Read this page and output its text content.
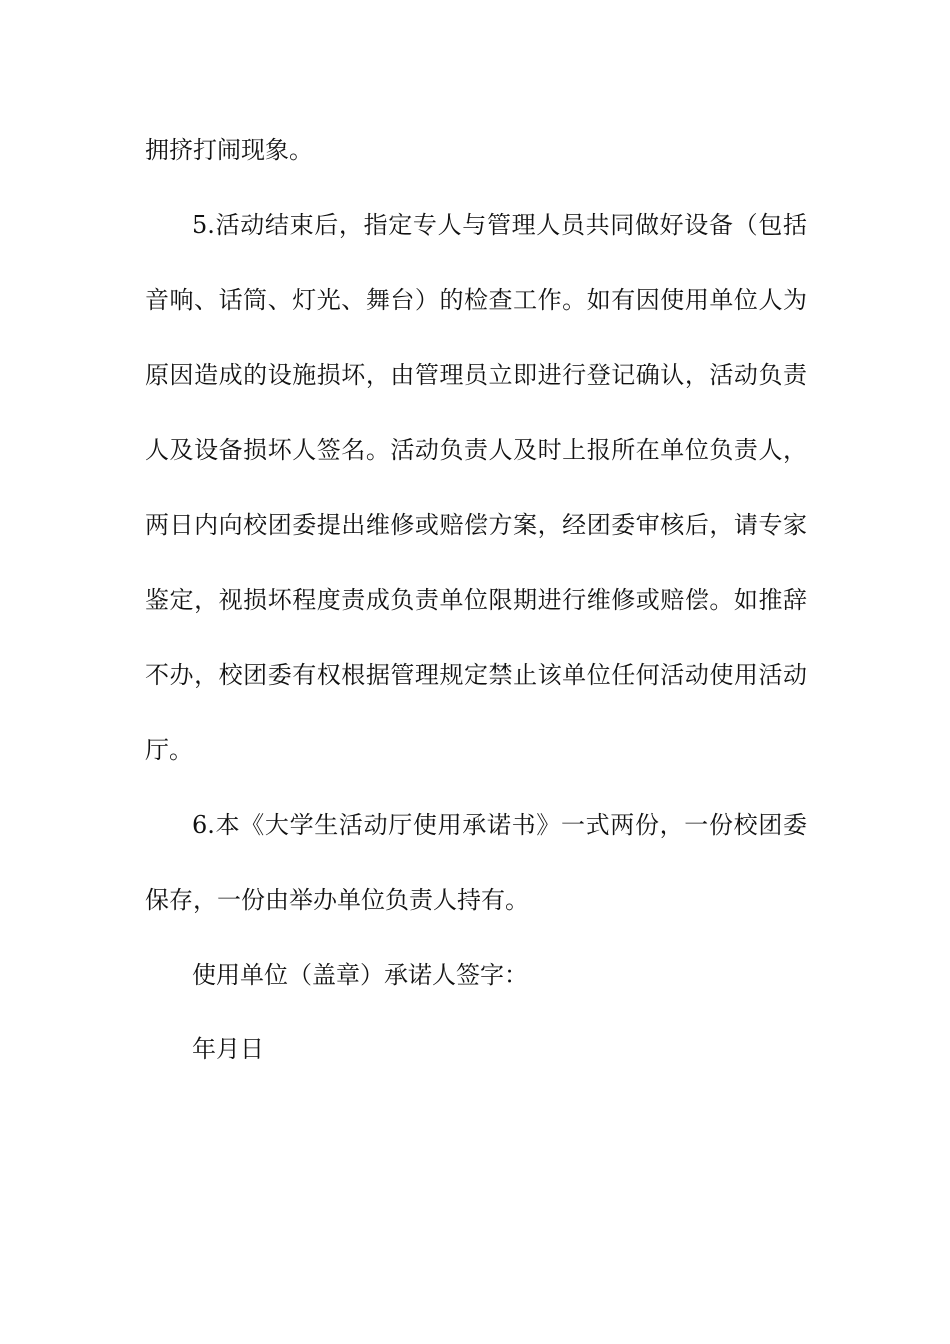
拥挤打闹现象。
5.活动结束后，指定专人与管理人员共同做好设备（包括
音响、话筒、灯光、舞台）的检查工作。如有因使用单位人为
原因造成的设施损坏，由管理员立即进行登记确认，活动负责
人及设备损坏人签名。活动负责人及时上报所在单位负责人，
两日内向校团委提出维修或赔偿方案，经团委审核后，请专家
鉴定，视损坏程度责成负责单位限期进行维修或赔偿。如推辞
不办，校团委有权根据管理规定禁止该单位任何活动使用活动
厅。
6.本《大学生活动厅使用承诺书》一式两份，一份校团委
保存，一份由举办单位负责人持有。
使用单位（盖章）承诺人签字：
年月日
